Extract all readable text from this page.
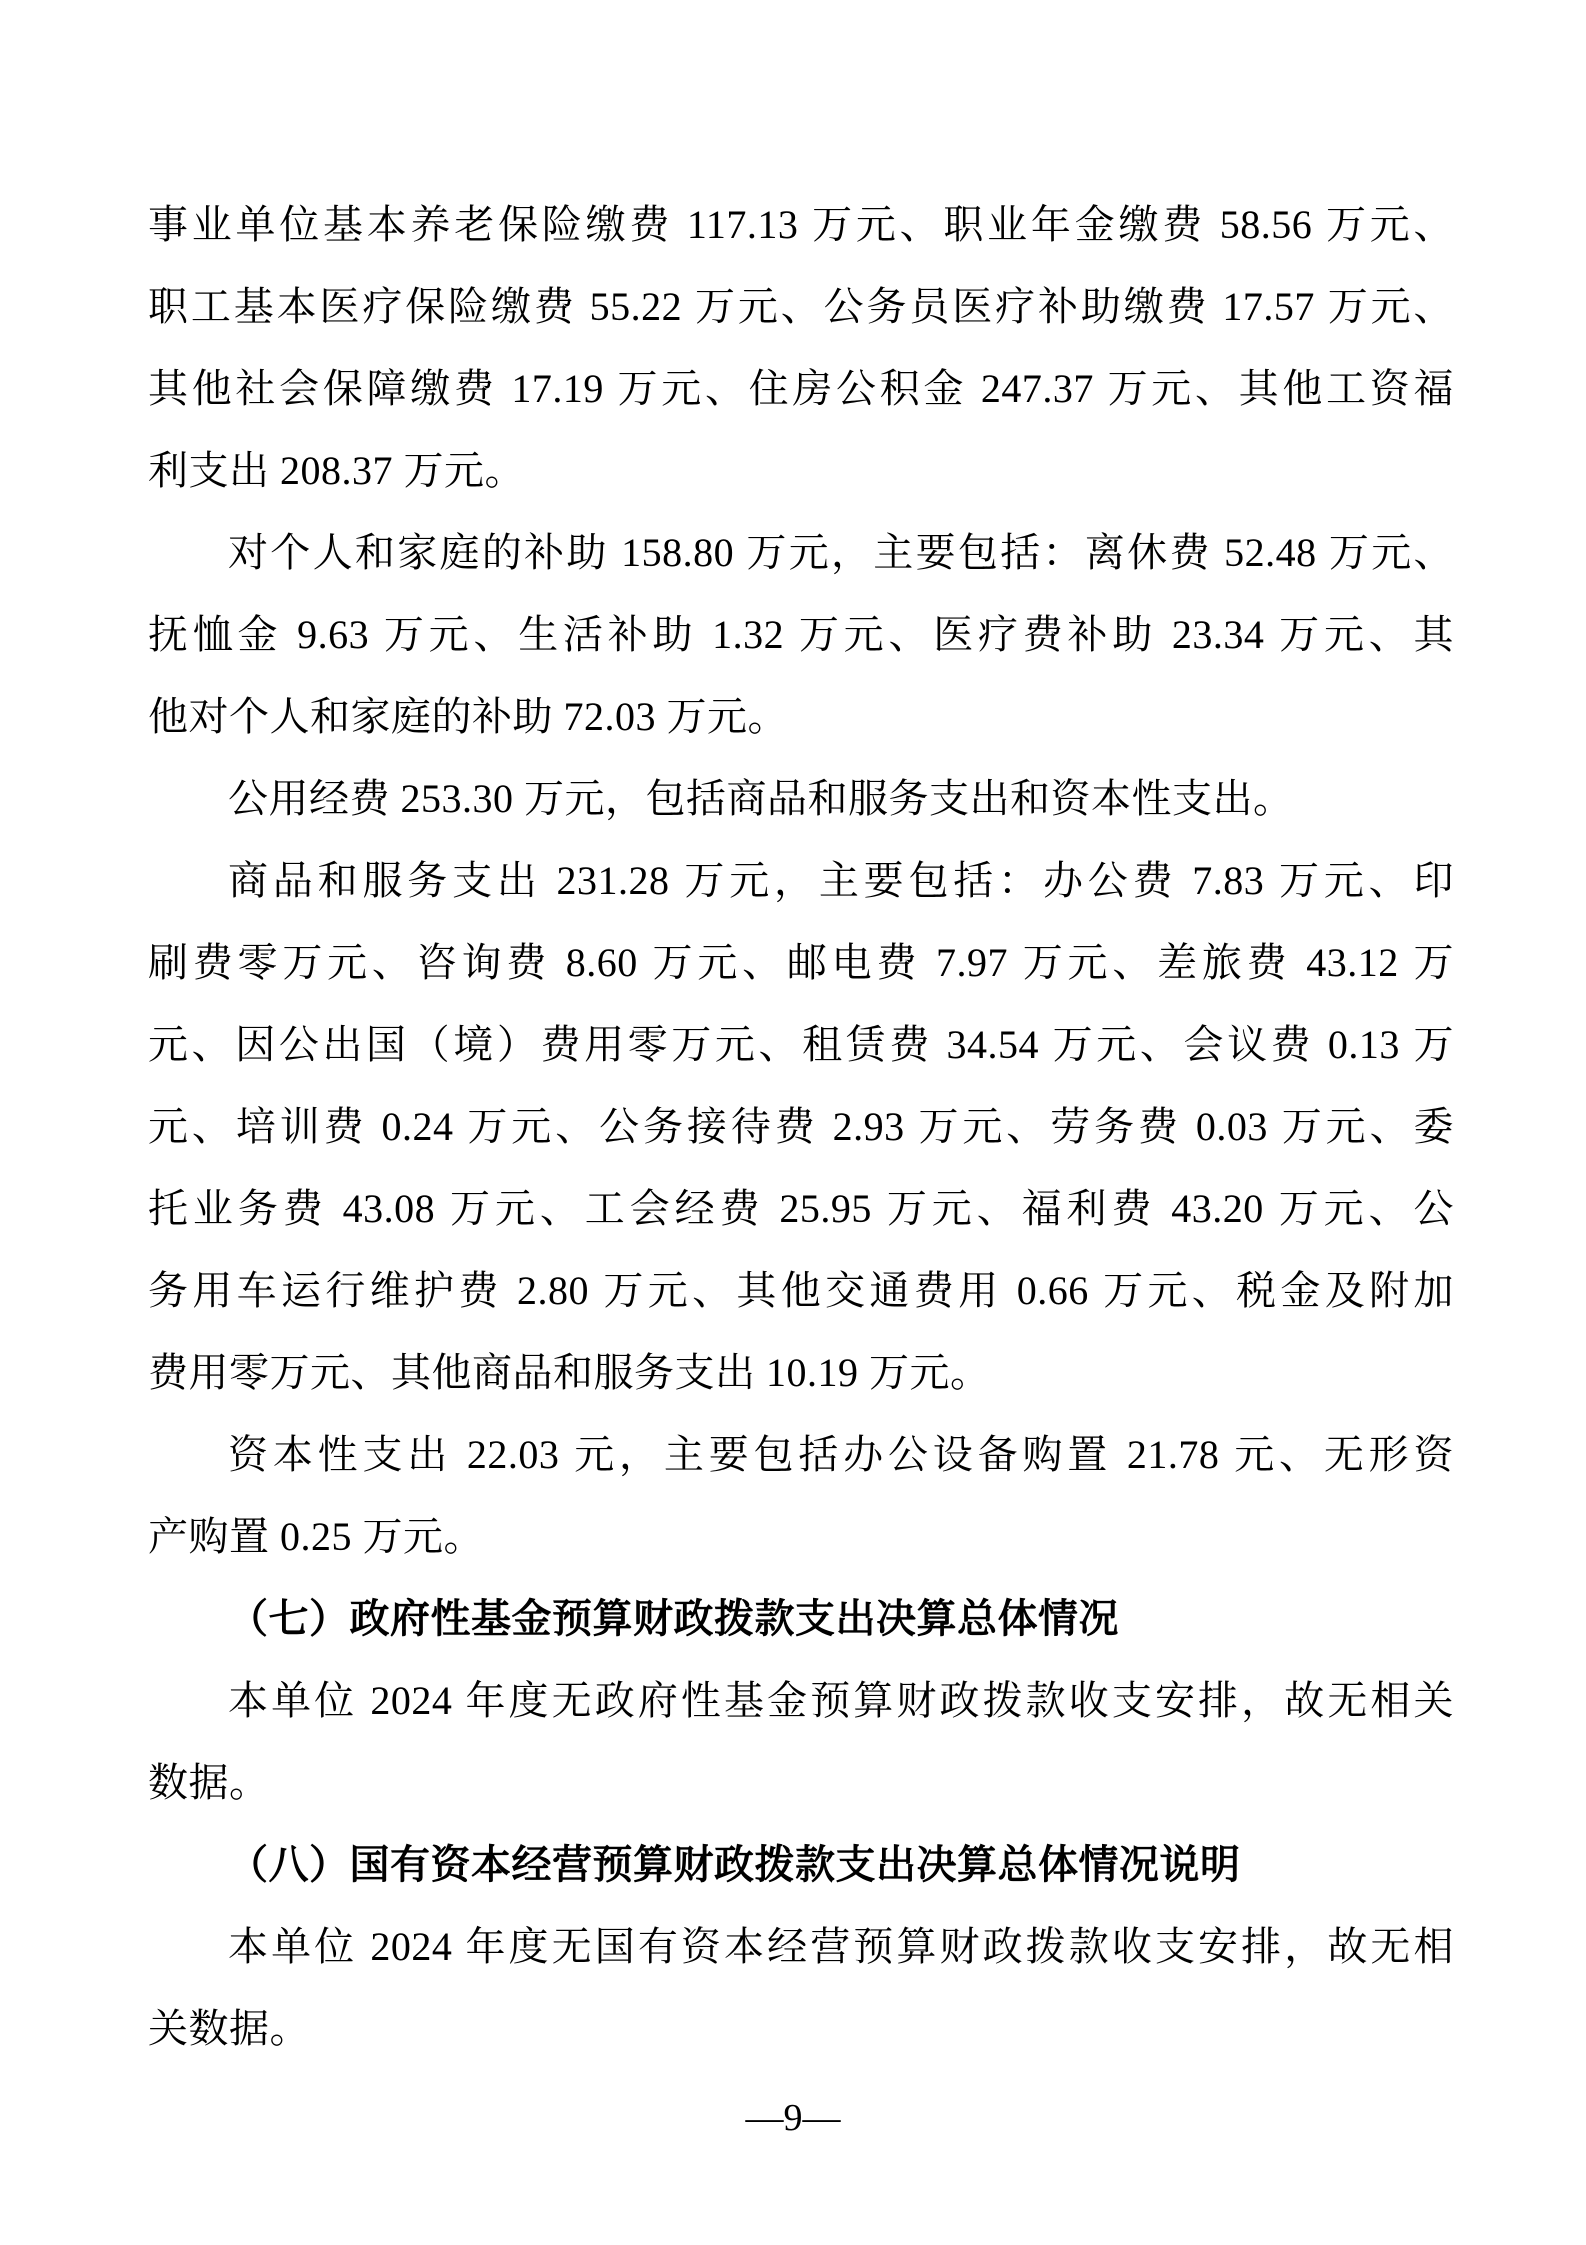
事业单位基本养老保险缴费 117.13 万元、职业年金缴费 58.56 万元、
职工基本医疗保险缴费 55.22 万元、公务员医疗补助缴费 17.57 万元、
其他社会保障缴费 17.19 万元、住房公积金 247.37 万元、其他工资福
利支出 208.37 万元。
对个人和家庭的补助 158.80 万元，主要包括：离休费 52.48 万元、
抚恤金 9.63 万元、生活补助 1.32 万元、医疗费补助 23.34 万元、其
他对个人和家庭的补助 72.03 万元。
公用经费 253.30 万元，包括商品和服务支出和资本性支出。
商品和服务支出 231.28 万元，主要包括：办公费 7.83 万元、印
刷费零万元、咨询费 8.60 万元、邮电费 7.97 万元、差旅费 43.12 万
元、因公出国（境）费用零万元、租赁费 34.54 万元、会议费 0.13 万
元、培训费 0.24 万元、公务接待费 2.93 万元、劳务费 0.03 万元、委
托业务费 43.08 万元、工会经费 25.95 万元、福利费 43.20 万元、公
务用车运行维护费 2.80 万元、其他交通费用 0.66 万元、税金及附加
费用零万元、其他商品和服务支出 10.19 万元。
资本性支出 22.03 元，主要包括办公设备购置 21.78 元、无形资
产购置 0.25 万元。
（七）政府性基金预算财政拨款支出决算总体情况
本单位 2024 年度无政府性基金预算财政拨款收支安排，故无相关
数据。
（八）国有资本经营预算财政拨款支出决算总体情况说明
本单位 2024 年度无国有资本经营预算财政拨款收支安排，故无相
关数据。
—9—
